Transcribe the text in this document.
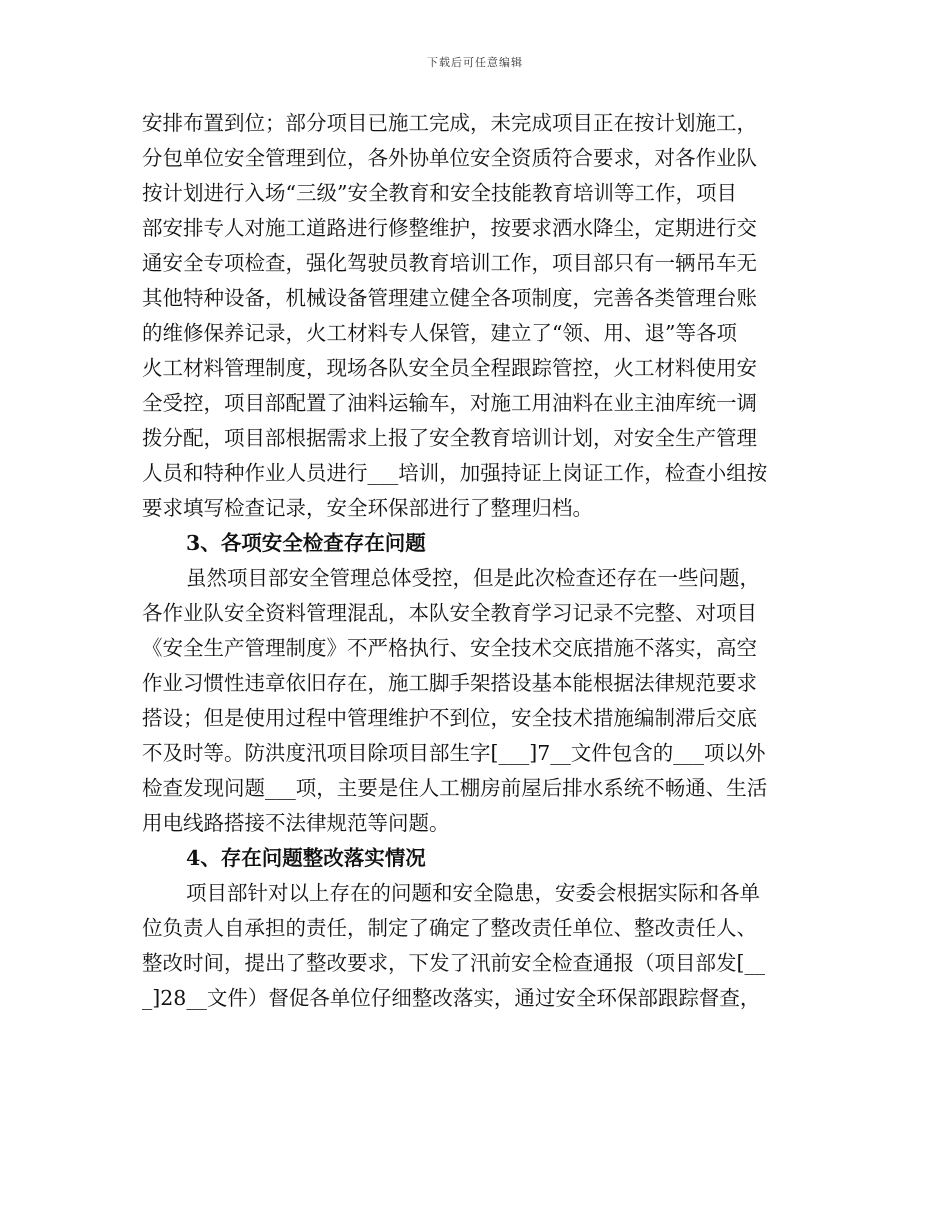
下载后可任意编辑
安排布置到位；部分项目已施工完成，未完成项目正在按计划施工，
分包单位安全管理到位，各外协单位安全资质符合要求，对各作业队
按计划进行入场“三级”安全教育和安全技能教育培训等工作，项目
部安排专人对施工道路进行修整维护，按要求洒水降尘，定期进行交
通安全专项检查，强化驾驶员教育培训工作，项目部只有一辆吊车无
其他特种设备，机械设备管理建立健全各项制度，完善各类管理台账
的维修保养记录，火工材料专人保管，建立了“领、用、退”等各项
火工材料管理制度，现场各队安全员全程跟踪管控，火工材料使用安
全受控，项目部配置了油料运输车，对施工用油料在业主油库统一调
拨分配，项目部根据需求上报了安全教育培训计划，对安全生产管理
人员和特种作业人员进行___培训，加强持证上岗证工作，检查小组按
要求填写检查记录，安全环保部进行了整理归档。
3、各项安全检查存在问题
虽然项目部安全管理总体受控，但是此次检查还存在一些问题，
各作业队安全资料管理混乱，本队安全教育学习记录不完整、对项目
《安全生产管理制度》不严格执行、安全技术交底措施不落实，高空
作业习惯性违章依旧存在，施工脚手架搭设基本能根据法律规范要求
搭设；但是使用过程中管理维护不到位，安全技术措施编制滞后交底
不及时等。防洪度汛项目除项目部生字[___]7__文件包含的___项以外
检查发现问题___项，主要是住人工棚房前屋后排水系统不畅通、生活
用电线路搭接不法律规范等问题。
4、存在问题整改落实情况
项目部针对以上存在的问题和安全隐患，安委会根据实际和各单
位负责人自承担的责任，制定了确定了整改责任单位、整改责任人、
整改时间，提出了整改要求，下发了汛前安全检查通报（项目部发[__
_]28__文件）督促各单位仔细整改落实，通过安全环保部跟踪督查，
